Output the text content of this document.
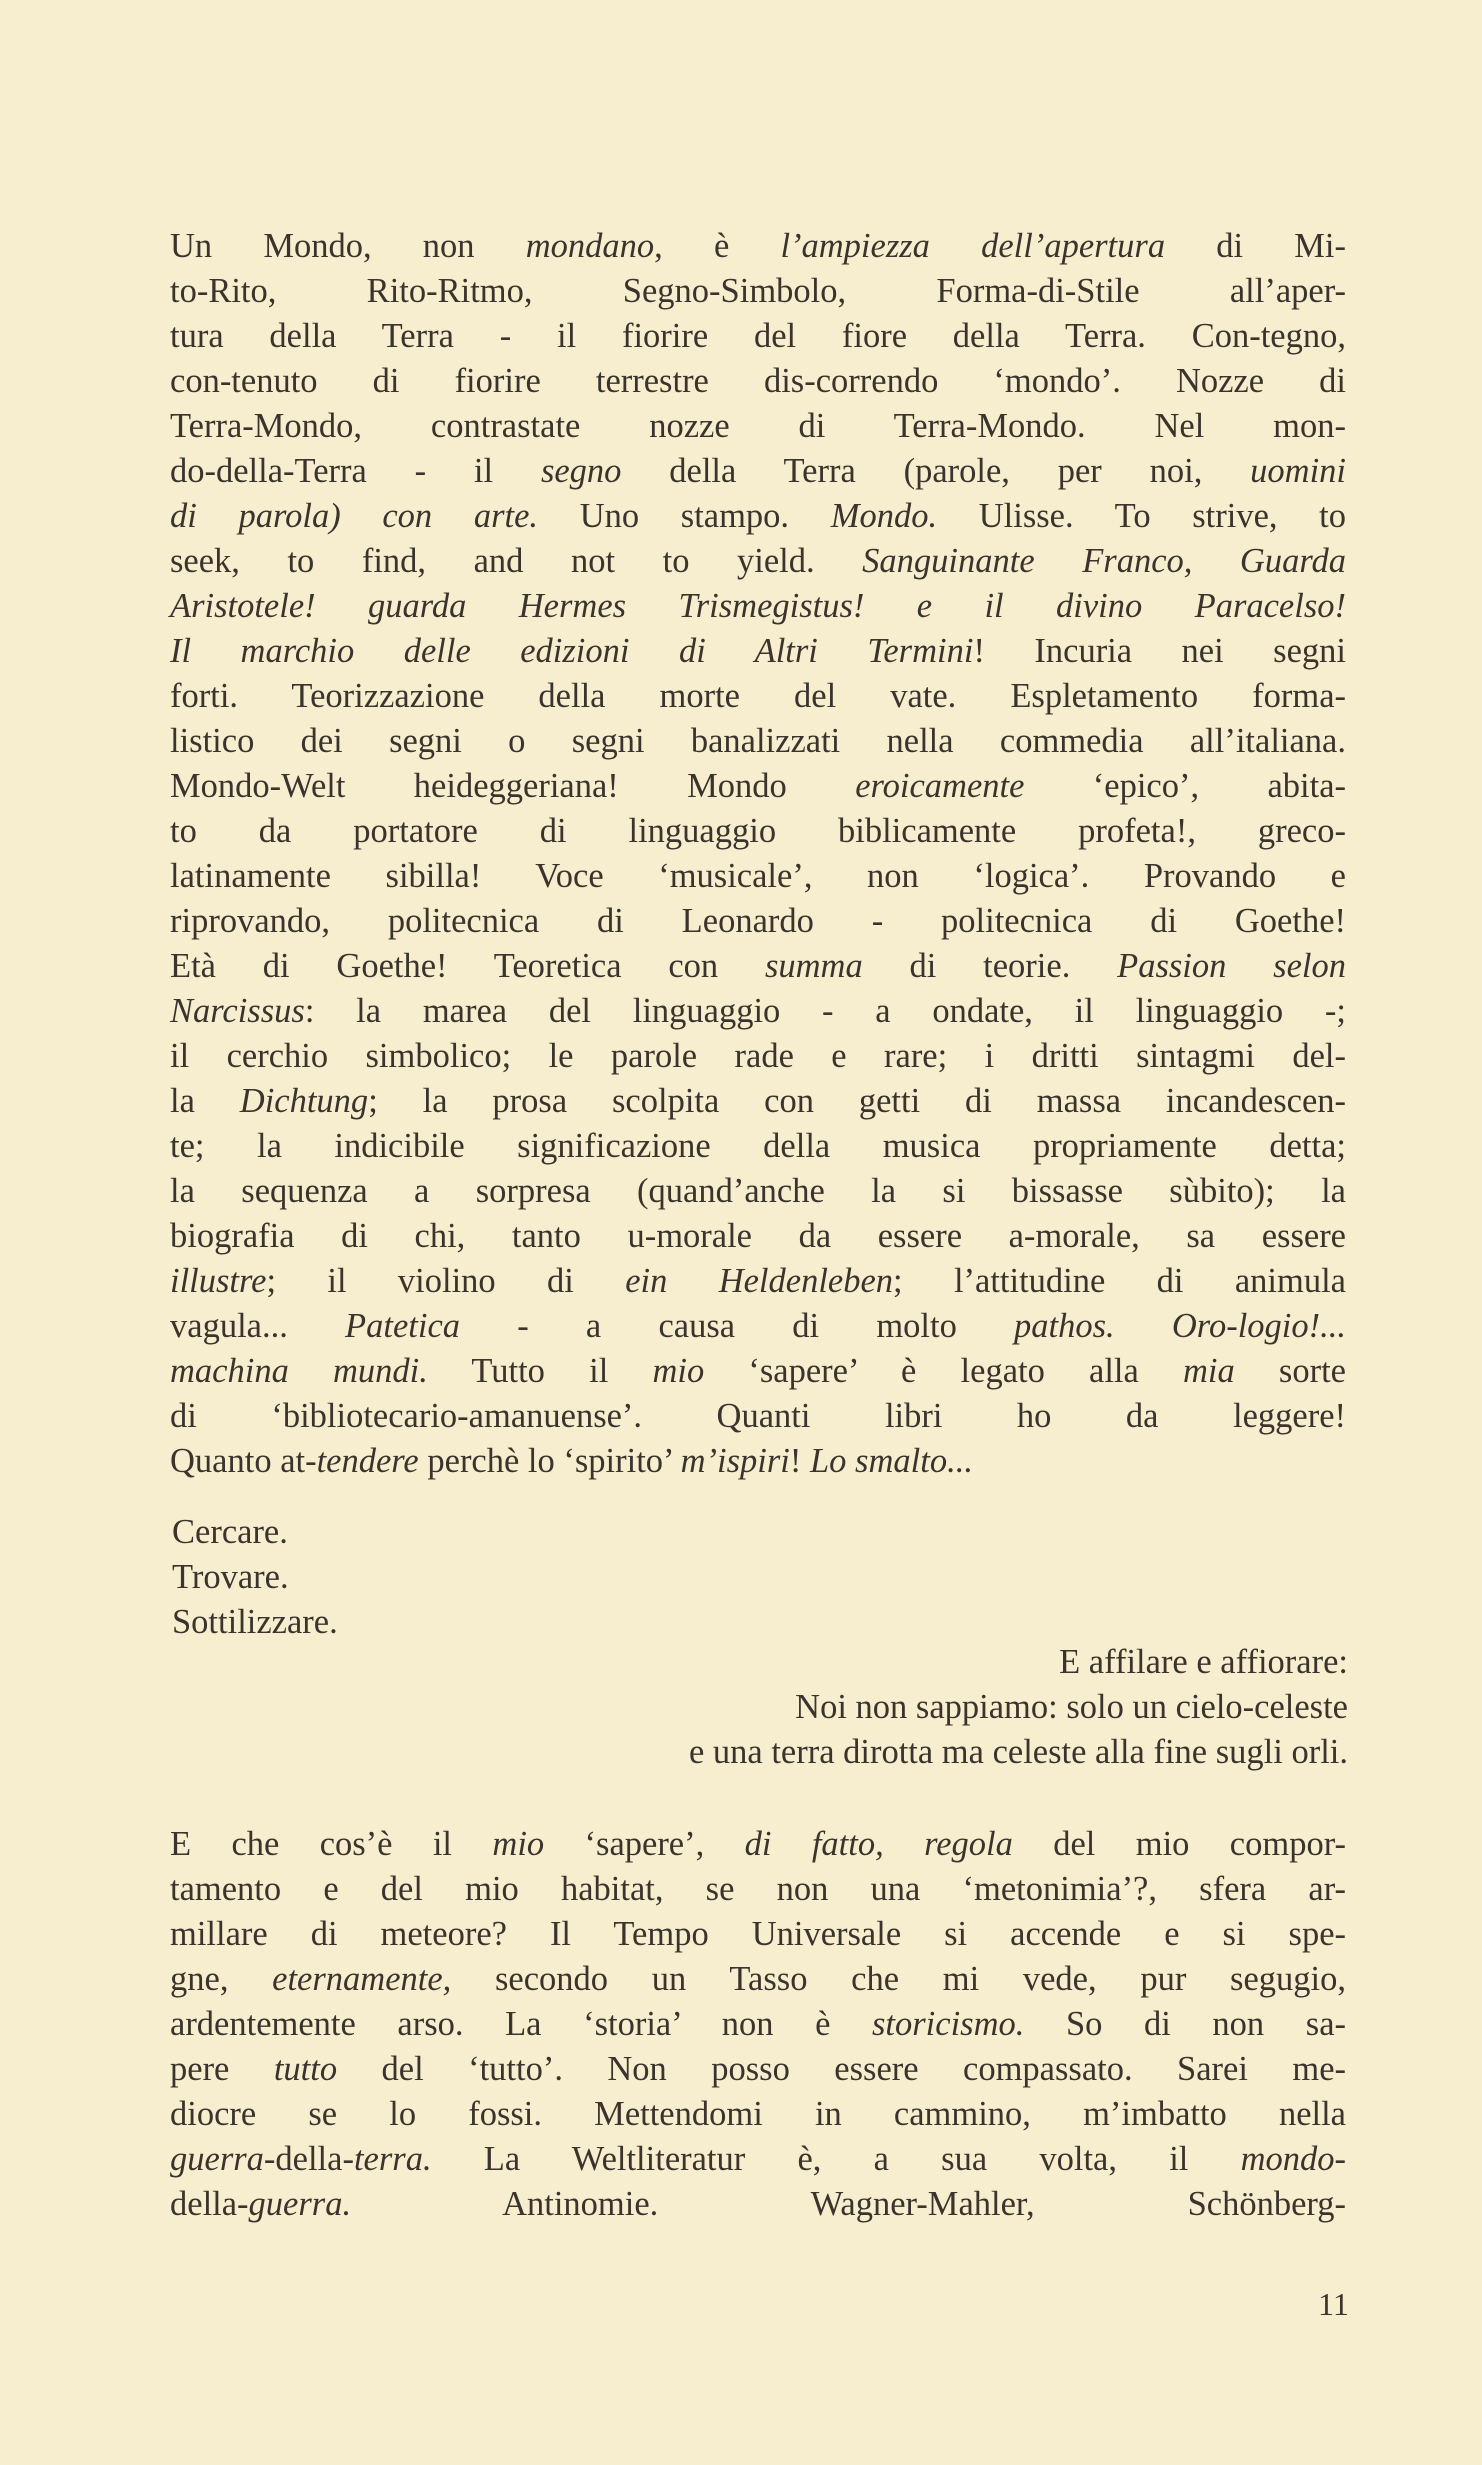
Un Mondo, non mondano, è l’ampiezza dell’apertura di Mi-
to-Rito, Rito-Ritmo, Segno-Simbolo, Forma-di-Stile all’aper-
tura della Terra - il fiorire del fiore della Terra. Con-tegno,
con-tenuto di fiorire terrestre dis-correndo ‘mondo’. Nozze di
Terra-Mondo, contrastate nozze di Terra-Mondo. Nel mon-
do-della-Terra - il segno della Terra (parole, per noi, uomini
di parola) con arte. Uno stampo. Mondo. Ulisse. To strive, to
seek, to find, and not to yield. Sanguinante Franco, Guarda
Aristotele! guarda Hermes Trismegistus! e il divino Paracelso!
Il marchio delle edizioni di Altri Termini! Incuria nei segni
forti. Teorizzazione della morte del vate. Espletamento forma-
listico dei segni o segni banalizzati nella commedia all’italiana.
Mondo-Welt heideggeriana! Mondo eroicamente ‘epico’, abita-
to da portatore di linguaggio biblicamente profeta!, greco-
latinamente sibilla! Voce ‘musicale’, non ‘logica’. Provando e
riprovando, politecnica di Leonardo - politecnica di Goethe!
Età di Goethe! Teoretica con summa di teorie. Passion selon
Narcissus: la marea del linguaggio - a ondate, il linguaggio -;
il cerchio simbolico; le parole rade e rare; i dritti sintagmi del-
la Dichtung; la prosa scolpita con getti di massa incandescen-
te; la indicibile significazione della musica propriamente detta;
la sequenza a sorpresa (quand’anche la si bissasse sùbito); la
biografia di chi, tanto u-morale da essere a-morale, sa essere
illustre; il violino di ein Heldenleben; l’attitudine di animula
vagula... Patetica - a causa di molto pathos. Oro-logio!...
machina mundi. Tutto il mio ‘sapere’ è legato alla mia sorte
di ‘bibliotecario-amanuense’. Quanti libri ho da leggere!
Quanto at-tendere perchè lo ‘spirito’ m’ispiri! Lo smalto...
Cercare.
Trovare.
Sottilizzare.
E affilare e affiorare:
Noi non sappiamo: solo un cielo-celeste
e una terra dirotta ma celeste alla fine sugli orli.
E che cos’è il mio ‘sapere’, di fatto, regola del mio compor-
tamento e del mio habitat, se non una ‘metonimia’?, sfera ar-
millare di meteore? Il Tempo Universale si accende e si spe-
gne, eternamente, secondo un Tasso che mi vede, pur segugio,
ardentemente arso. La ‘storia’ non è storicismo. So di non sa-
pere tutto del ‘tutto’. Non posso essere compassato. Sarei me-
diocre se lo fossi. Mettendomi in cammino, m’imbatto nella
guerra-della-terra. La Weltliteratur è, a sua volta, il mondo-
della-guerra. Antinomie. Wagner-Mahler, Schönberg-
11
